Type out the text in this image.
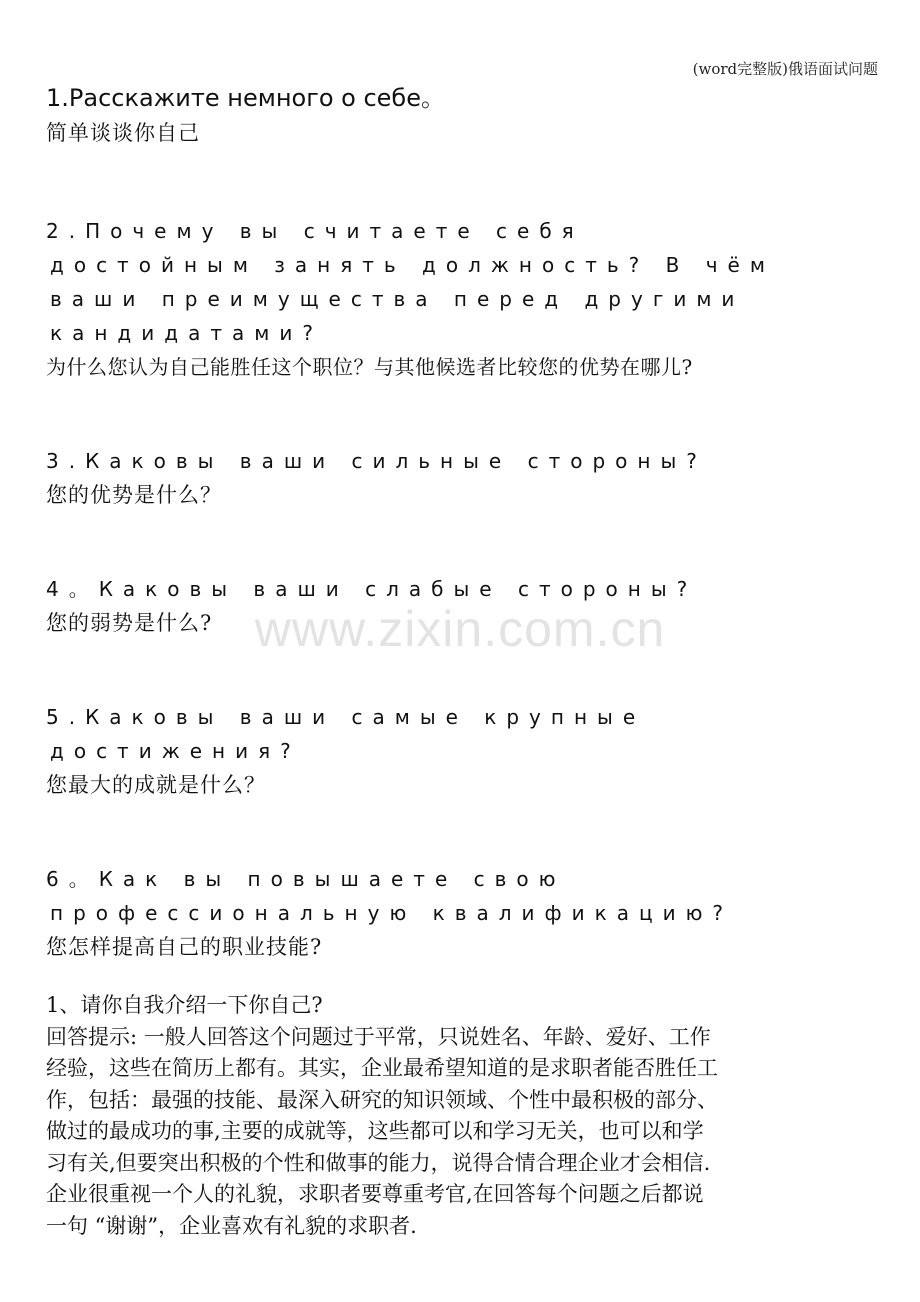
(word完整版)俄语面试问题
www.zixin.com.cn
1.Расскажите немного о себе。
简单谈谈你自己
2.Почему вы считаете себя
достойным занять должность? В чём
ваши преимущества перед другими
кандидатами?
为什么您认为自己能胜任这个职位？与其他候选者比较您的优势在哪儿?
3.Каковы ваши сильные стороны?
您的优势是什么？
4。Каковы ваши слабые стороны?
您的弱势是什么?
5.Каковы ваши самые крупные
достижения?
您最大的成就是什么？
6。Как вы повышаете свою
профессиональную квалификацию?
您怎样提高自己的职业技能?
1、请你自我介绍一下你自己?
回答提示: 一般人回答这个问题过于平常，只说姓名、年龄、爱好、工作
经验，这些在简历上都有。其实，企业最希望知道的是求职者能否胜任工
作，包括：最强的技能、最深入研究的知识领域、个性中最积极的部分、
做过的最成功的事,主要的成就等，这些都可以和学习无关，也可以和学
习有关,但要突出积极的个性和做事的能力，说得合情合理企业才会相信.
企业很重视一个人的礼貌，求职者要尊重考官,在回答每个问题之后都说
一句 “谢谢”，企业喜欢有礼貌的求职者.
